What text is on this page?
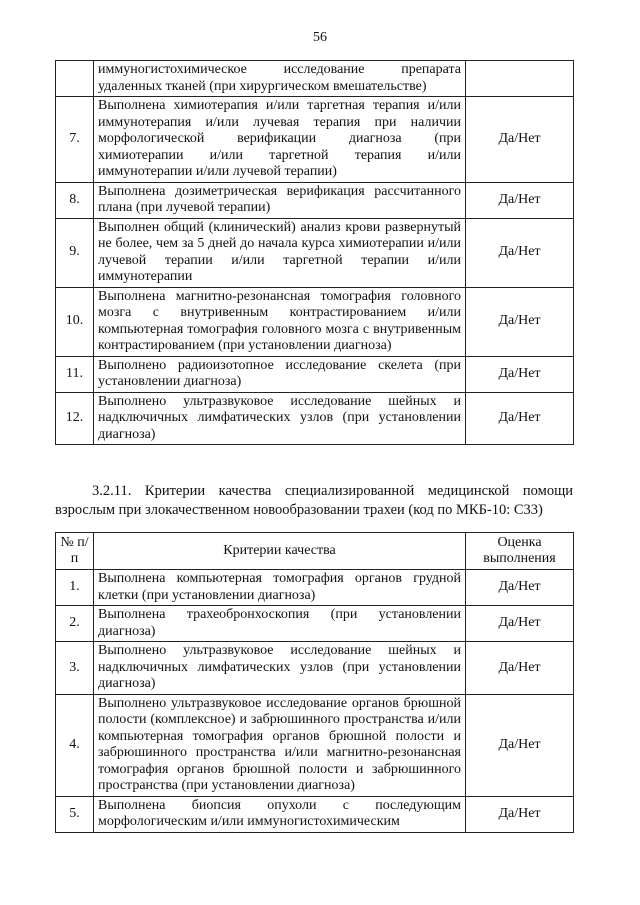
56
	иммуногистохимическое исследование препарата удаленных тканей (при хирургическом вмешательстве)	
7.	Выполнена химиотерапия и/или таргетная терапия и/или иммунотерапия и/или лучевая терапия при наличии морфологической верификации диагноза (при химиотерапии и/или таргетной терапия и/или иммунотерапии и/или лучевой терапии)	Да/Нет
8.	Выполнена дозиметрическая верификация рассчитанного плана (при лучевой терапии)	Да/Нет
9.	Выполнен общий (клинический) анализ крови развернутый не более, чем за 5 дней до начала курса химиотерапии и/или лучевой терапии и/или таргетной терапии и/или иммунотерапии	Да/Нет
10.	Выполнена магнитно-резонансная томография головного мозга с внутривенным контрастированием и/или компьютерная томография головного мозга с внутривенным контрастированием (при установлении диагноза)	Да/Нет
11.	Выполнено радиоизотопное исследование скелета (при установлении диагноза)	Да/Нет
12.	Выполнено ультразвуковое исследование шейных и надключичных лимфатических узлов (при установлении диагноза)	Да/Нет
3.2.11. Критерии качества специализированной медицинской помощи взрослым при злокачественном новообразовании трахеи (код по МКБ-10: С33)
№ п/п	Критерии качества	Оценка выполнения
1.	Выполнена компьютерная томография органов грудной клетки (при установлении диагноза)	Да/Нет
2.	Выполнена трахеобронхоскопия (при установлении диагноза)	Да/Нет
3.	Выполнено ультразвуковое исследование шейных и надключичных лимфатических узлов (при установлении диагноза)	Да/Нет
4.	Выполнено ультразвуковое исследование органов брюшной полости (комплексное) и забрюшинного пространства и/или компьютерная томография органов брюшной полости и забрюшинного пространства и/или магнитно-резонансная томография органов брюшной полости и забрюшинного пространства (при установлении диагноза)	Да/Нет
5.	Выполнена биопсия опухоли с последующим морфологическим и/или иммуногистохимическим	Да/Нет
